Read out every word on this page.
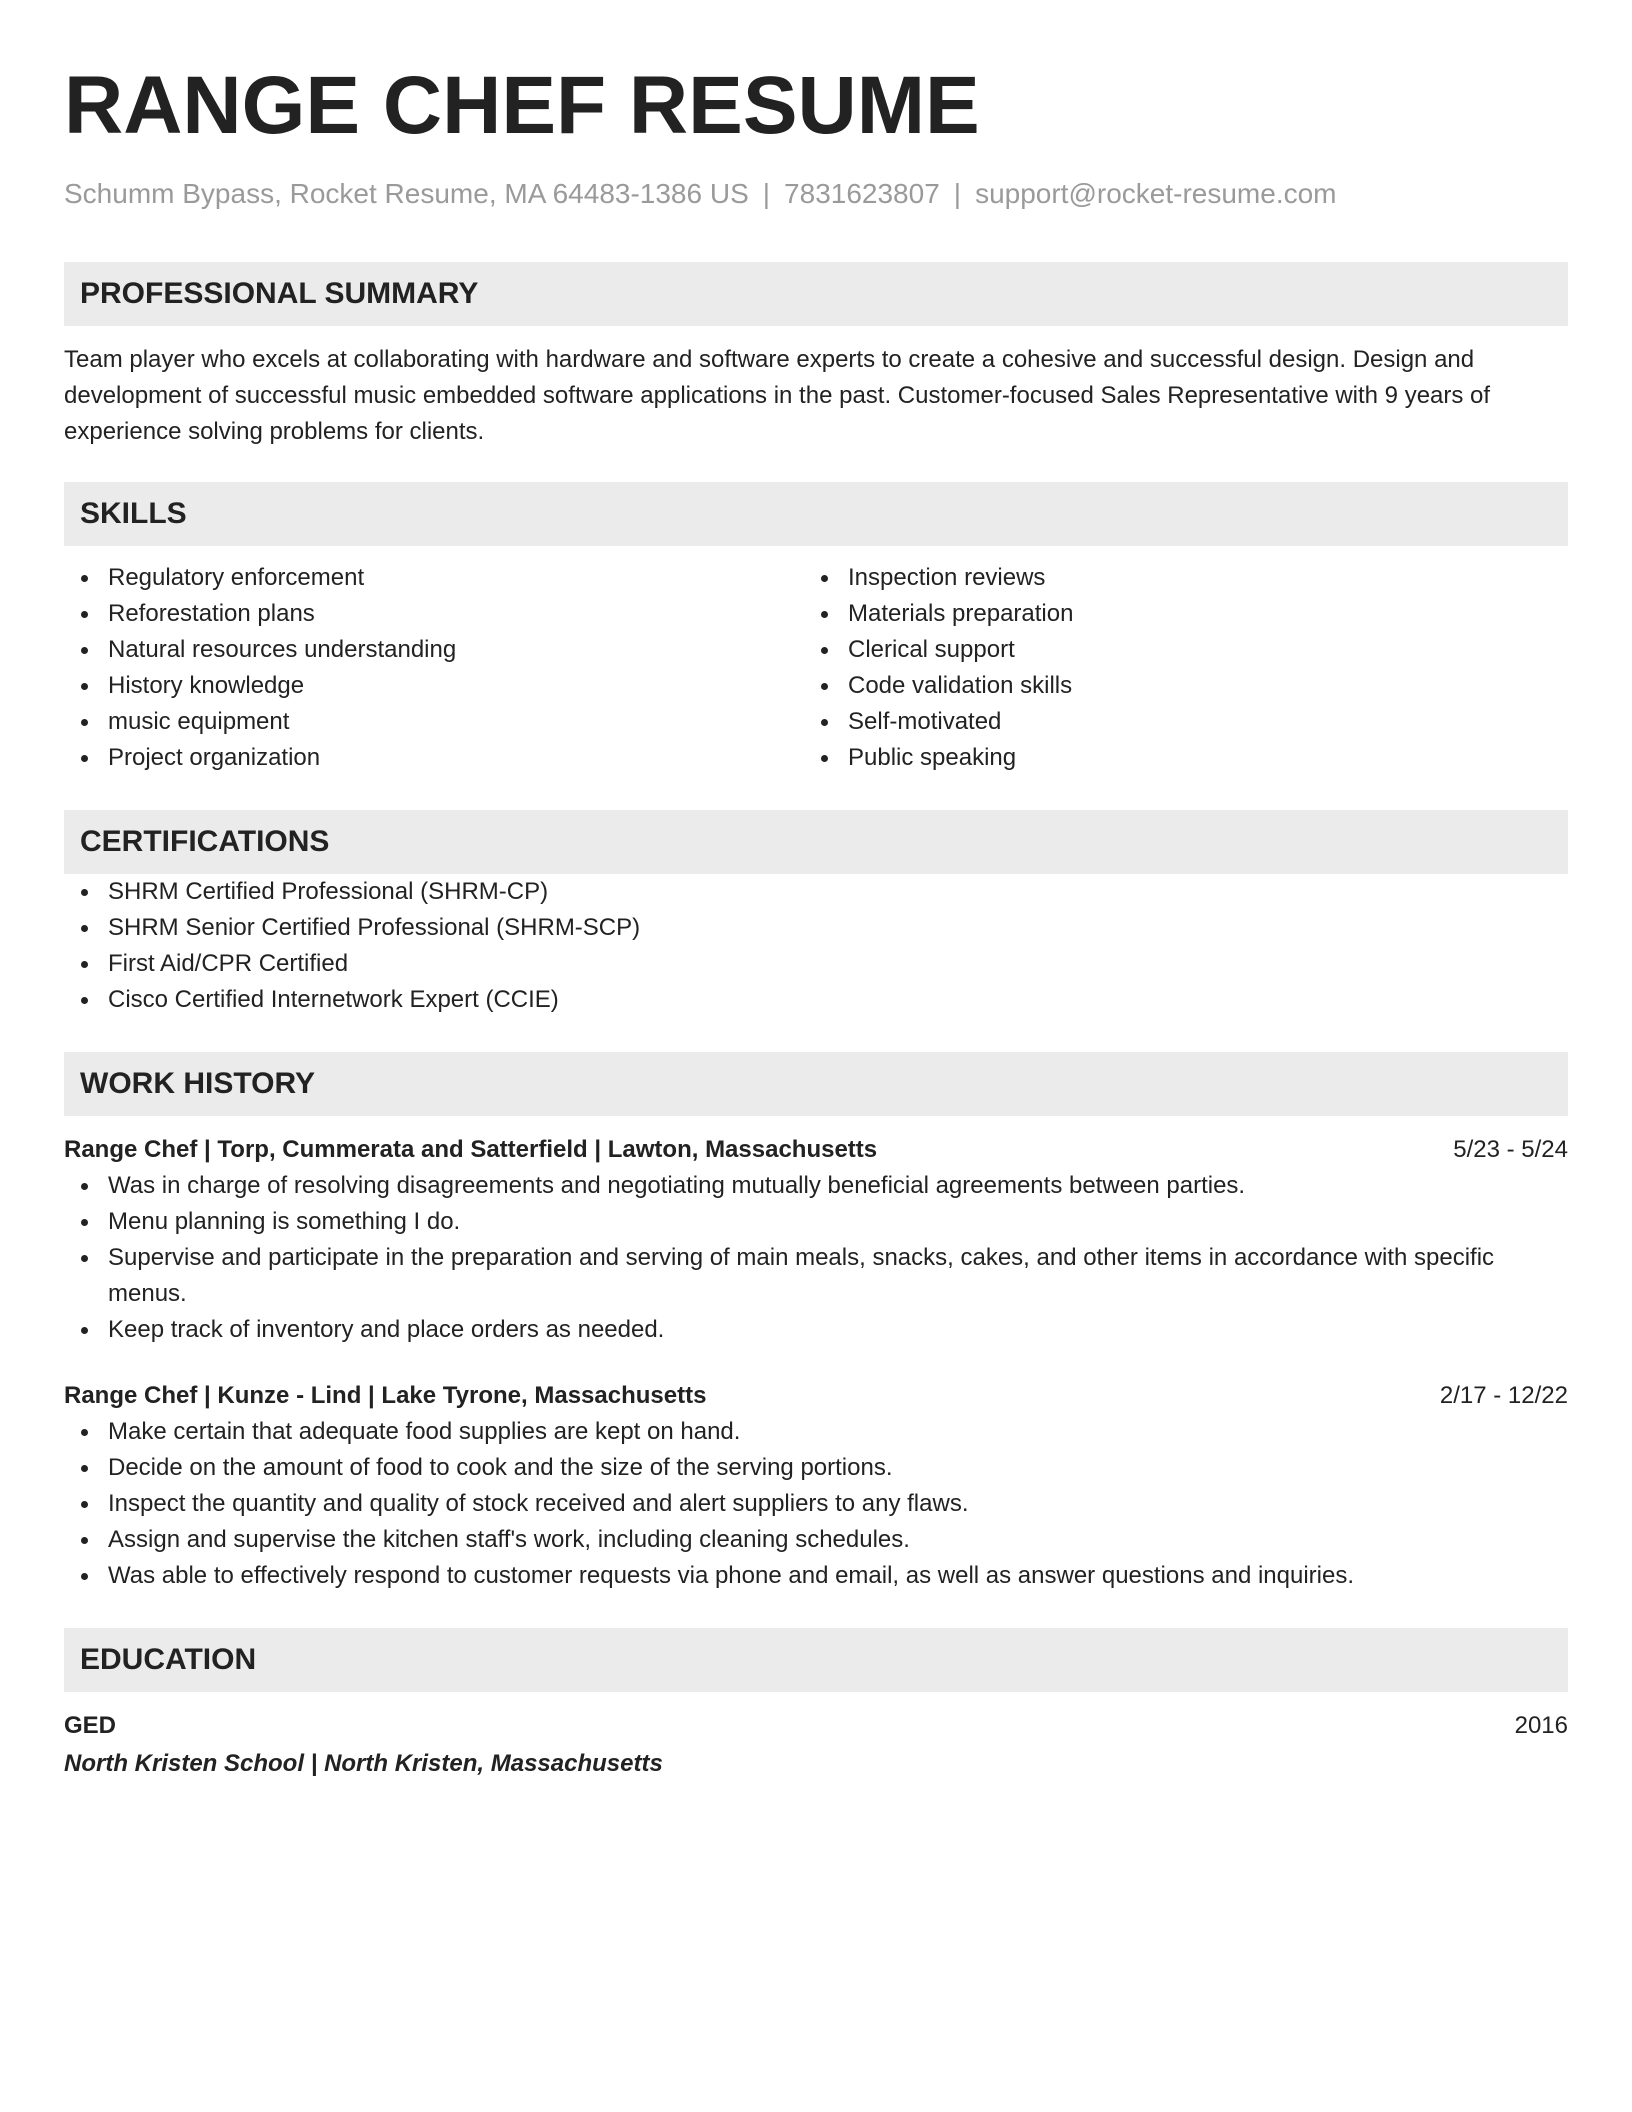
RANGE CHEF RESUME
Schumm Bypass, Rocket Resume, MA 64483-1386 US | 7831623807 | support@rocket-resume.com
PROFESSIONAL SUMMARY
Team player who excels at collaborating with hardware and software experts to create a cohesive and successful design. Design and development of successful music embedded software applications in the past. Customer-focused Sales Representative with 9 years of experience solving problems for clients.
SKILLS
Regulatory enforcement
Reforestation plans
Natural resources understanding
History knowledge
music equipment
Project organization
Inspection reviews
Materials preparation
Clerical support
Code validation skills
Self-motivated
Public speaking
CERTIFICATIONS
SHRM Certified Professional (SHRM-CP)
SHRM Senior Certified Professional (SHRM-SCP)
First Aid/CPR Certified
Cisco Certified Internetwork Expert (CCIE)
WORK HISTORY
Range Chef | Torp, Cummerata and Satterfield | Lawton, Massachusetts	5/23 - 5/24
Was in charge of resolving disagreements and negotiating mutually beneficial agreements between parties.
Menu planning is something I do.
Supervise and participate in the preparation and serving of main meals, snacks, cakes, and other items in accordance with specific menus.
Keep track of inventory and place orders as needed.
Range Chef | Kunze - Lind | Lake Tyrone, Massachusetts	2/17 - 12/22
Make certain that adequate food supplies are kept on hand.
Decide on the amount of food to cook and the size of the serving portions.
Inspect the quantity and quality of stock received and alert suppliers to any flaws.
Assign and supervise the kitchen staff's work, including cleaning schedules.
Was able to effectively respond to customer requests via phone and email, as well as answer questions and inquiries.
EDUCATION
GED	2016
North Kristen School | North Kristen, Massachusetts
